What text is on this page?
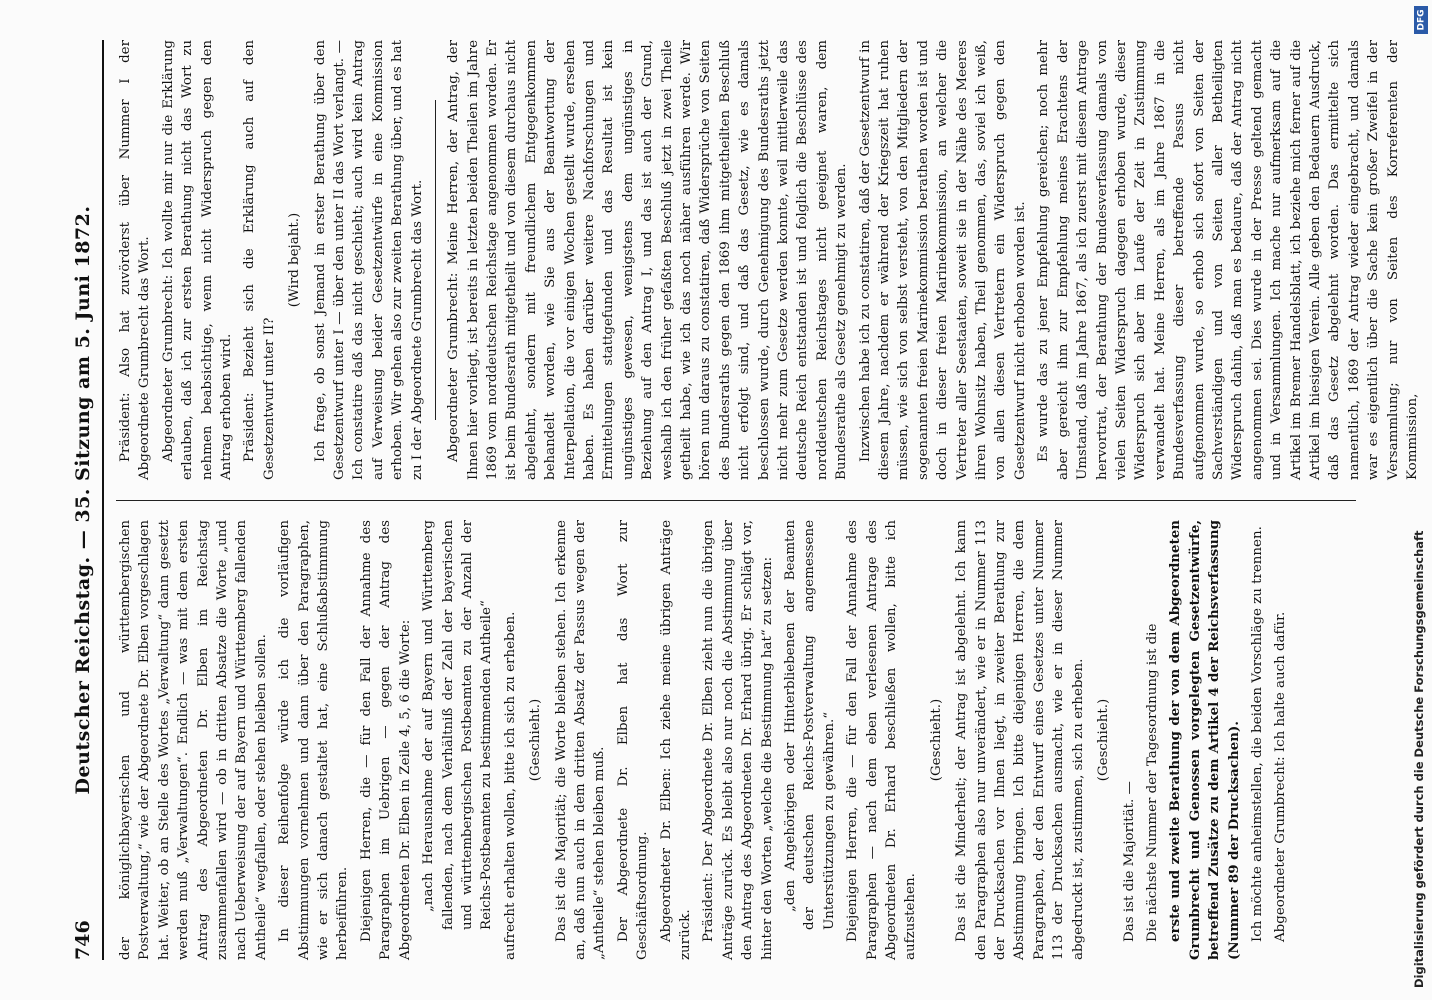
746
Deutscher Reichstag. — 35. Sitzung am 5. Juni 1872. der königlichbayerischen und württembergischen Postverwaltung,“ wie der Abgeordnete Dr. Elben vorgeschlagen hat. Weiter, ob an Stelle des Wortes „Verwaltung“ dann gesetzt werden muß „Verwaltungen“. Endlich — was mit dem ersten Antrag des Abgeordneten Dr. Elben im Reichstag zusammenfallen wird — ob in dritten Absatze die Worte „und nach Ueberweisung der auf Bayern und Württemberg fallenden Antheile“ wegfallen, oder stehen bleiben sollen. In dieser Reihenfolge würde ich die vorläufigen Abstimmungen vornehmen und dann über den Paragraphen, wie er sich danach gestaltet hat, eine Schlußabstimmung herbeiführen. Diejenigen Herren, die — für den Fall der Annahme des Paragraphen im Uebrigen — gegen der Antrag des Abgeordneten Dr. Elben in Zeile 4, 5, 6 die Worte: „nach Herausnahme der auf Bayern und Württemberg fallenden, nach dem Verhältniß der Zahl der bayerischen und württembergischen Postbeamten zu der Anzahl der Reichs-Postbeamten zu bestimmenden Antheile“ aufrecht erhalten wollen, bitte ich sich zu erheben. (Geschieht.) Das ist die Majorität; die Worte bleiben stehen. Ich erkenne an, daß nun auch in dem dritten Absatz der Passus wegen der „Antheile“ stehen bleiben muß. Der Abgeordnete Dr. Elben hat das Wort zur Geschäftsordnung. Abgeordneter Dr. Elben: Ich ziehe meine übrigen Anträge zurück. Präsident: Der Abgeordnete Dr. Elben zieht nun die übrigen Anträge zurück. Es bleibt also nur noch die Abstimmung über den Antrag des Abgeordneten Dr. Erhard übrig. Er schlägt vor, hinter den Worten „welche die Bestimmung hat“ zu setzen: „den Angehörigen oder Hinterbliebenen der Beamten der deutschen Reichs-Postverwaltung angemessene Unterstützungen zu gewähren.“ Diejenigen Herren, die — für den Fall der Annahme des Paragraphen — nach dem eben verlesenen Antrage des Abgeordneten Dr. Erhard beschließen wollen, bitte ich aufzustehen.

(Geschieht.) Das ist die Minderheit; der Antrag ist abgelehnt. Ich kann den Paragraphen also nur unverändert, wie er in Nummer 113 der Drucksachen vor Ihnen liegt, in zweiter Berathung zur Abstimmung bringen. Ich bitte diejenigen Herren, die dem Paragraphen, der den Entwurf eines Gesetzes unter Nummer 113 der Drucksachen ausmacht, wie er in dieser Nummer abgedruckt ist, zustimmen, sich zu erheben. (Geschieht.)

Das ist die Majorität. — Die nächste Nummer der Tagesordnung ist die erste und zweite Berathung der von dem Abgeordneten Grumbrecht und Genossen vorgelegten Gesetzentwürfe, betreffend Zusätze zu dem Artikel 4 der Reichsverfassung (Nummer 89 der Drucksachen). Ich möchte anheimstellen, die beiden Vorschläge zu trennen. Abgeordneter Grumbrecht: Ich halte auch dafür.

Präsident: Also hat zuvörderst über Nummer I der Abgeordnete Grumbrecht das Wort. Abgeordneter Grumbrecht: Ich wollte mir nur die Erklärung erlauben, daß ich zur ersten Berathung nicht das Wort zu nehmen beabsichtige, wenn nicht Widerspruch gegen den Antrag erhoben wird. Präsident: Bezieht sich die Erklärung auch auf den Gesetzentwurf unter II?

(Wird bejaht.) Ich frage, ob sonst Jemand in erster Berathung über den Gesetzentwurf unter I — über den unter II das Wort verlangt. — Ich constatire daß das nicht geschieht; auch wird kein Antrag auf Verweisung beider Gesetzentwürfe in eine Kommission erhoben. Wir gehen also zur zweiten Berathung über, und es hat zu I der Abgeordnete Grumbrecht das Wort. Abgeordneter Grumbrecht: Meine Herren, der Antrag, der Ihnen hier vorliegt, ist bereits in letzten beiden Theilen im Jahre 1869 vom norddeutschen Reichstage angenommen worden. Er ist beim Bundesrath mitgetheilt und von diesem durchaus nicht abgelehnt, sondern mit freundlichem Entgegenkommen behandelt worden, wie Sie aus der Beantwortung der Interpellation, die vor einigen Wochen gestellt wurde, ersehen haben. Es haben darüber weitere Nachforschungen und Ermittelungen stattgefunden und das Resultat ist kein ungünstiges gewesen, wenigstens dem ungünstiges in Beziehung auf den Antrag I, und das ist auch der Grund, weshalb ich den früher gefaßten Beschluß jetzt in zwei Theile getheilt habe, wie ich das noch näher ausführen werde. Wir hören nun daraus zu constatiren, daß Widersprüche von Seiten des Bundesraths gegen den 1869 ihm mitgetheilten Beschluß nicht erfolgt sind, und daß das Gesetz, wie es damals beschlossen wurde, durch Genehmigung des Bundesraths jetzt nicht mehr zum Gesetze werden konnte, weil mittlerweile das deutsche Reich entstanden ist und folglich die Beschlüsse des norddeutschen Reichstages nicht geeignet waren, dem Bundesrathe als Gesetz genehmigt zu werden. Inzwischen habe ich zu constatiren, daß der Gesetzentwurf in diesem Jahre, nachdem er während der Kriegszeit hat ruhen müssen, wie sich von selbst versteht, von den Mitgliedern der sogenannten freien Marinekommission berathen worden ist und doch in dieser freien Marinekommission, an welcher die Vertreter aller Seestaaten, soweit sie in der Nähe des Meeres ihren Wohnsitz haben, Theil genommen, das, soviel ich weiß, von allen diesen Vertretern ein Widerspruch gegen den Gesetzentwurf nicht erhoben worden ist. Es wurde das zu jener Empfehlung gereichen; noch mehr aber gereicht ihm zur Empfehlung meines Erachtens der Umstand, daß im Jahre 1867, als ich zuerst mit diesem Antrage hervortrat, der Berathung der Bundesverfassung damals von vielen Seiten Widerspruch dagegen erhoben wurde, dieser Widerspruch sich aber im Laufe der Zeit in Zustimmung verwandelt hat. Meine Herren, als im Jahre 1867 in die Bundesverfassung dieser betreffende Passus nicht aufgenommen wurde, so erhob sich sofort von Seiten der Sachverständigen und von Seiten aller Betheiligten Widerspruch dahin, daß man es bedaure, daß der Antrag nicht angenommen sei. Dies wurde in der Presse geltend gemacht und in Versammlungen. Ich mache nur aufmerksam auf die Artikel im Bremer Handelsblatt, ich beziehe mich ferner auf die Artikel im hiesigen Verein. Alle geben den Bedauern Ausdruck, daß das Gesetz abgelehnt worden. Das ermittelte sich namentlich, 1869 der Antrag wieder eingebracht, und damals war es eigentlich über die Sache kein großer Zweifel in der Versammlung; nur von Seiten des Korreferenten der Kommission,

Digitalisierung gefördert durch die Deutsche Forschungsgemeinschaft
DFG
